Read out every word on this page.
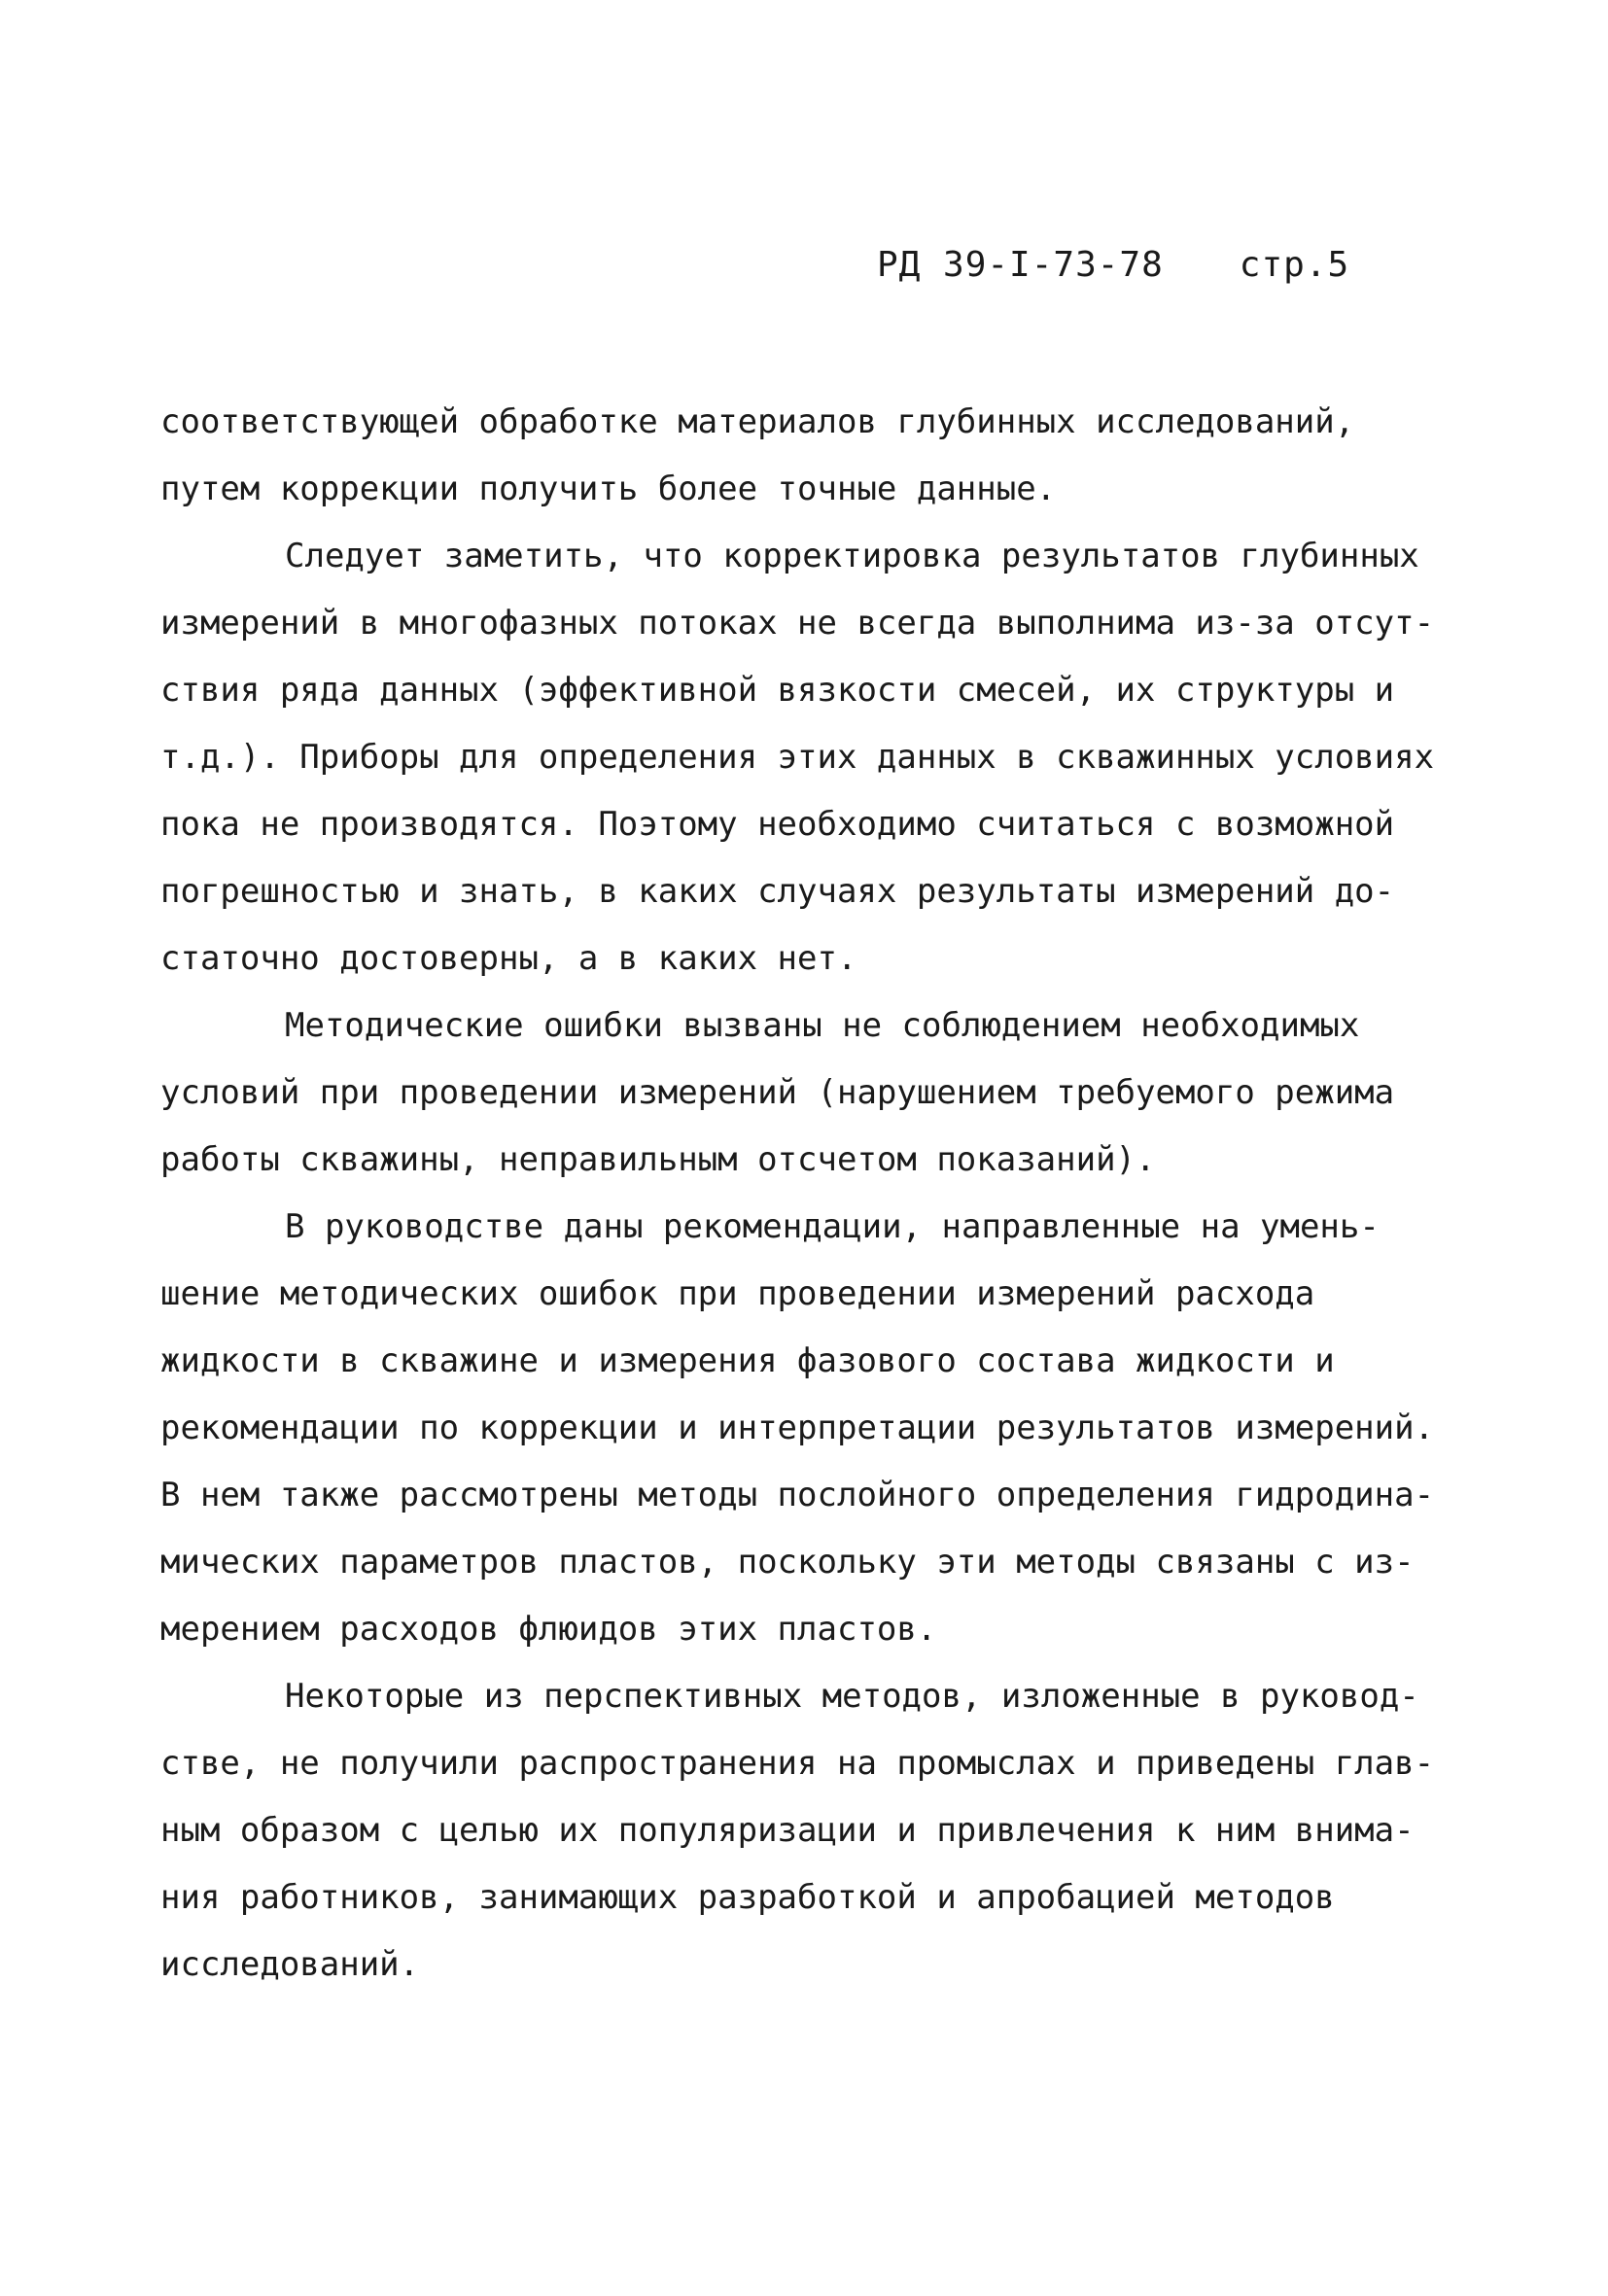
РД 39-I-73-78 стр.5
соответствующей обработке материалов глубинных исследований,
путем коррекции получить более точные данные.
Следует заметить, что корректировка результатов глубинных
измерений в многофазных потоках не всегда выполнима из-за отсут-
ствия ряда данных (эффективной вязкости смесей, их структуры и
т.д.). Приборы для определения этих данных в скважинных условиях
пока не производятся. Поэтому необходимо считаться с возможной
погрешностью и знать, в каких случаях результаты измерений до-
статочно достоверны, а в каких нет.
Методические ошибки вызваны не соблюдением необходимых
условий при проведении измерений (нарушением требуемого режима
работы скважины, неправильным отсчетом показаний).
В руководстве даны рекомендации, направленные на умень-
шение методических ошибок при проведении измерений расхода
жидкости в скважине и измерения фазового состава жидкости и
рекомендации по коррекции и интерпретации результатов измерений.
В нем также рассмотрены методы послойного определения гидродина-
мических параметров пластов, поскольку эти методы связаны с из-
мерением расходов флюидов этих пластов.
Некоторые из перспективных методов, изложенные в руковод-
стве, не получили распространения на промыслах и приведены глав-
ным образом с целью их популяризации и привлечения к ним внима-
ния работников, занимающих разработкой и апробацией методов
исследований.
